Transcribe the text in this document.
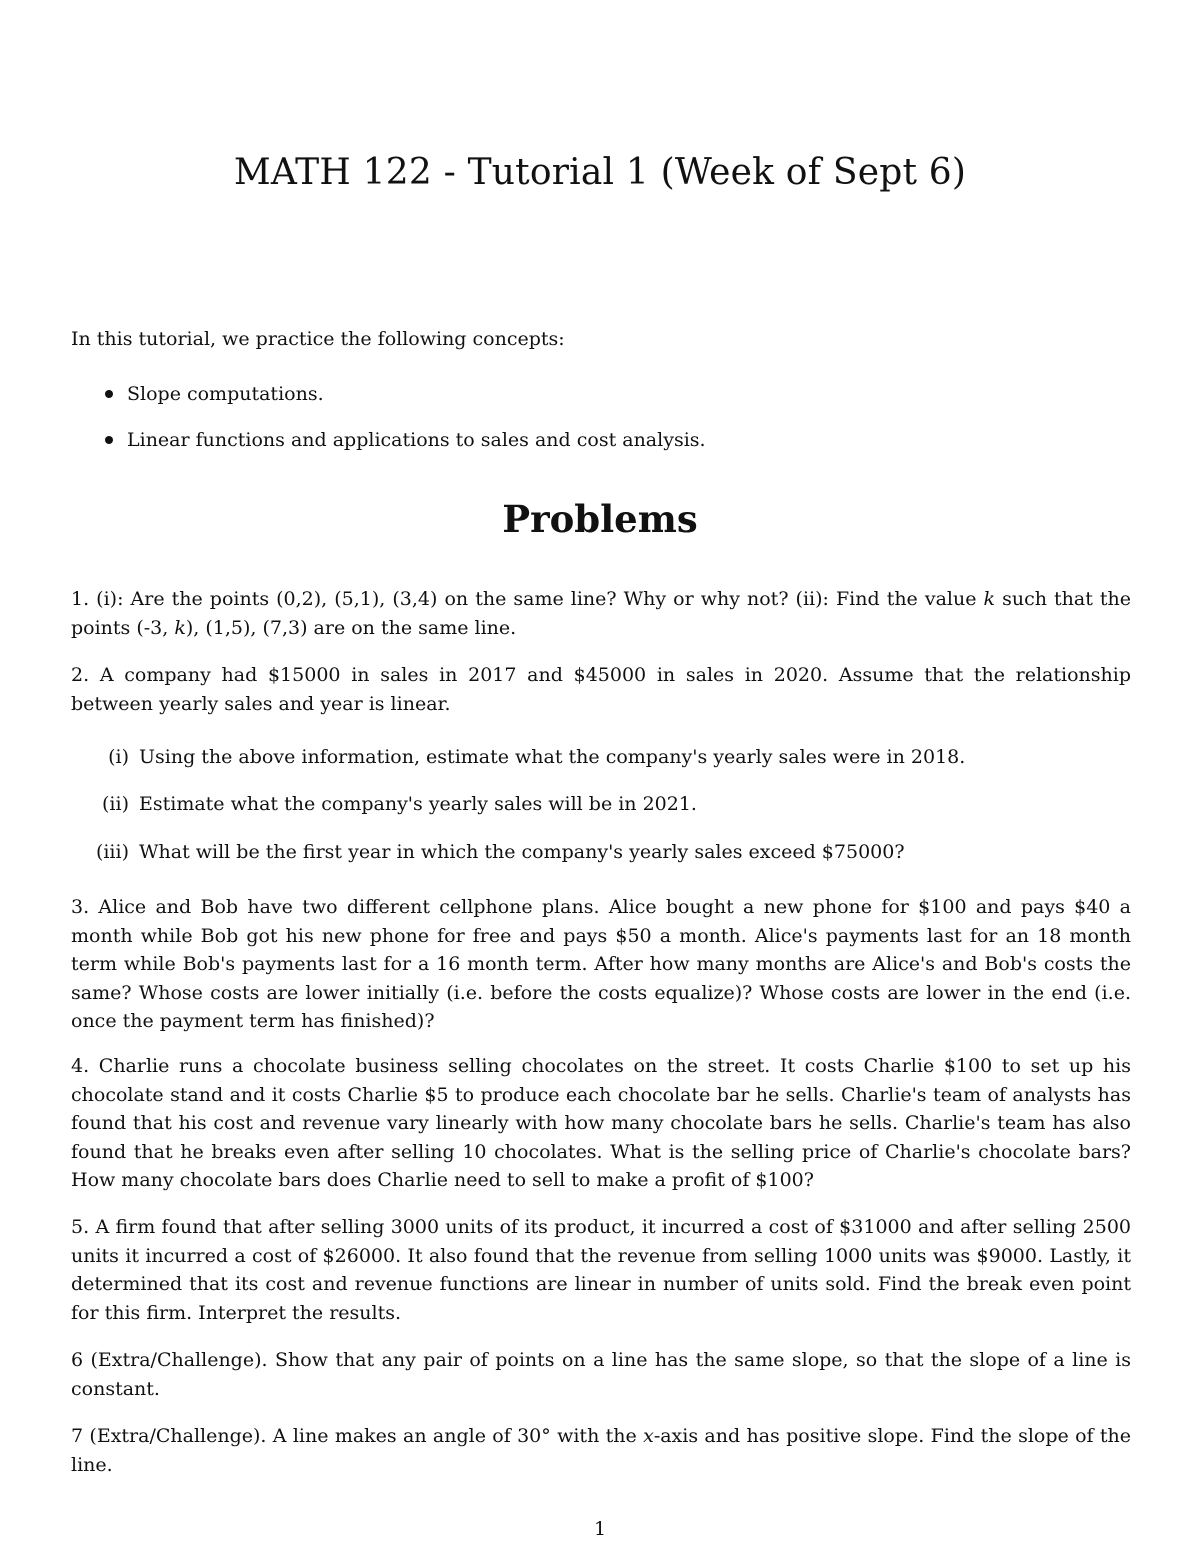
MATH 122 - Tutorial 1 (Week of Sept 6)

In this tutorial, we practice the following concepts:

Slope computations.
Linear functions and applications to sales and cost analysis.
Problems

1. (i): Are the points (0,2), (5,1), (3,4) on the same line? Why or why not? (ii): Find the value k such that the points (-3, k), (1,5), (7,3) are on the same line.

2. A company had $15000 in sales in 2017 and $45000 in sales in 2020. Assume that the relationship between yearly sales and year is linear.

(i) Using the above information, estimate what the company's yearly sales were in 2018.
(ii) Estimate what the company's yearly sales will be in 2021.
(iii) What will be the first year in which the company's yearly sales exceed $75000?

3. Alice and Bob have two different cellphone plans. Alice bought a new phone for $100 and pays $40 a month while Bob got his new phone for free and pays $50 a month. Alice's payments last for an 18 month term while Bob's payments last for a 16 month term. After how many months are Alice's and Bob's costs the same? Whose costs are lower initially (i.e. before the costs equalize)? Whose costs are lower in the end (i.e. once the payment term has finished)?

4. Charlie runs a chocolate business selling chocolates on the street. It costs Charlie $100 to set up his chocolate stand and it costs Charlie $5 to produce each chocolate bar he sells. Charlie's team of analysts has found that his cost and revenue vary linearly with how many chocolate bars he sells. Charlie's team has also found that he breaks even after selling 10 chocolates. What is the selling price of Charlie's chocolate bars? How many chocolate bars does Charlie need to sell to make a profit of $100?

5. A firm found that after selling 3000 units of its product, it incurred a cost of $31000 and after selling 2500 units it incurred a cost of $26000. It also found that the revenue from selling 1000 units was $9000. Lastly, it determined that its cost and revenue functions are linear in number of units sold. Find the break even point for this firm. Interpret the results.

6 (Extra/Challenge). Show that any pair of points on a line has the same slope, so that the slope of a line is constant.

7 (Extra/Challenge). A line makes an angle of 30° with the x-axis and has positive slope. Find the slope of the line.

1
